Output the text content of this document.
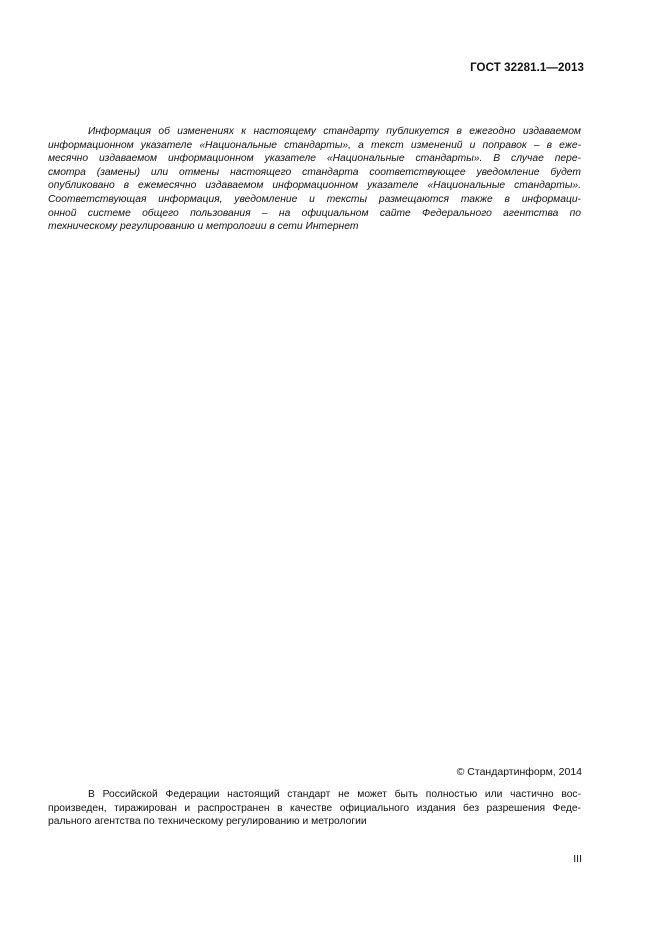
ГОСТ 32281.1—2013
Информация об изменениях к настоящему стандарту публикуется в ежегодно издаваемом
информационном указателе «Национальные стандарты», а текст изменений и поправок – в еже-
месячно издаваемом информационном указателе «Национальные стандарты». В случае пере-
смотра (замены) или отмены настоящего стандарта соответствующее уведомление будет
опубликовано в ежемесячно издаваемом информационном указателе «Национальные стандарты».
Соответствующая информация, уведомление и тексты размещаются также в информаци-
онной системе общего пользования – на официальном сайте Федерального агентства по
техническому регулированию и метрологии в сети Интернет
© Стандартинформ, 2014
В Российской Федерации настоящий стандарт не может быть полностью или частично вос-
произведен, тиражирован и распространен в качестве официального издания без разрешения Феде-
рального агентства по техническому регулированию и метрологии
III
